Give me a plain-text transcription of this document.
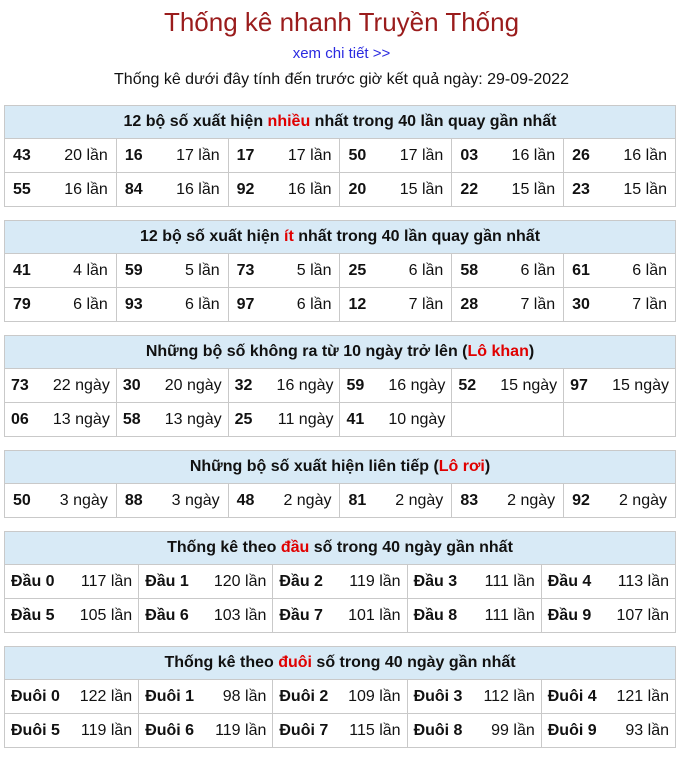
Thống kê nhanh Truyền Thống
xem chi tiết >>
Thống kê dưới đây tính đến trước giờ kết quả ngày: 29-09-2022
12 bộ số xuất hiện nhiều nhất trong 40 lần quay gần nhất					

43 20 lần	16 17 lần	17 17 lần	50 17 lần	03 16 lần	26 16 lần

55 16 lần	84 16 lần	92 16 lần	20 15 lần	22 15 lần	23 15 lần
12 bộ số xuất hiện ít nhất trong 40 lần quay gần nhất					

41 4 lần	59 5 lần	73 5 lần	25 6 lần	58 6 lần	61 6 lần

79 6 lần	93 6 lần	97 6 lần	12 7 lần	28 7 lần	30 7 lần
Những bộ số không ra từ 10 ngày trở lên (Lô khan)					

73 22 ngày	30 20 ngày	32 16 ngày	59 16 ngày	52 15 ngày	97 15 ngày

06 13 ngày	58 13 ngày	25 11 ngày	41 10 ngày		

Những bộ số xuất hiện liên tiếp (Lô rơi)

50 3 ngày	88 3 ngày	48 2 ngày	81 2 ngày	83 2 ngày	92 2 ngày
Thống kê theo đầu số trong 40 ngày gần nhất				

Đầu 0 117 lần	Đầu 1 120 lần	Đầu 2 119 lần	Đầu 3 111 lần	Đầu 4 113 lần

Đầu 5 105 lần	Đầu 6 103 lần	Đầu 7 101 lần	Đầu 8 111 lần	Đầu 9 107 lần
Thống kê theo đuôi số trong 40 ngày gần nhất				

Đuôi 0 122 lần	Đuôi 1 98 lần	Đuôi 2 109 lần	Đuôi 3 112 lần	Đuôi 4 121 lần

Đuôi 5 119 lần	Đuôi 6 119 lần	Đuôi 7 115 lần	Đuôi 8 99 lần	Đuôi 9 93 lần
